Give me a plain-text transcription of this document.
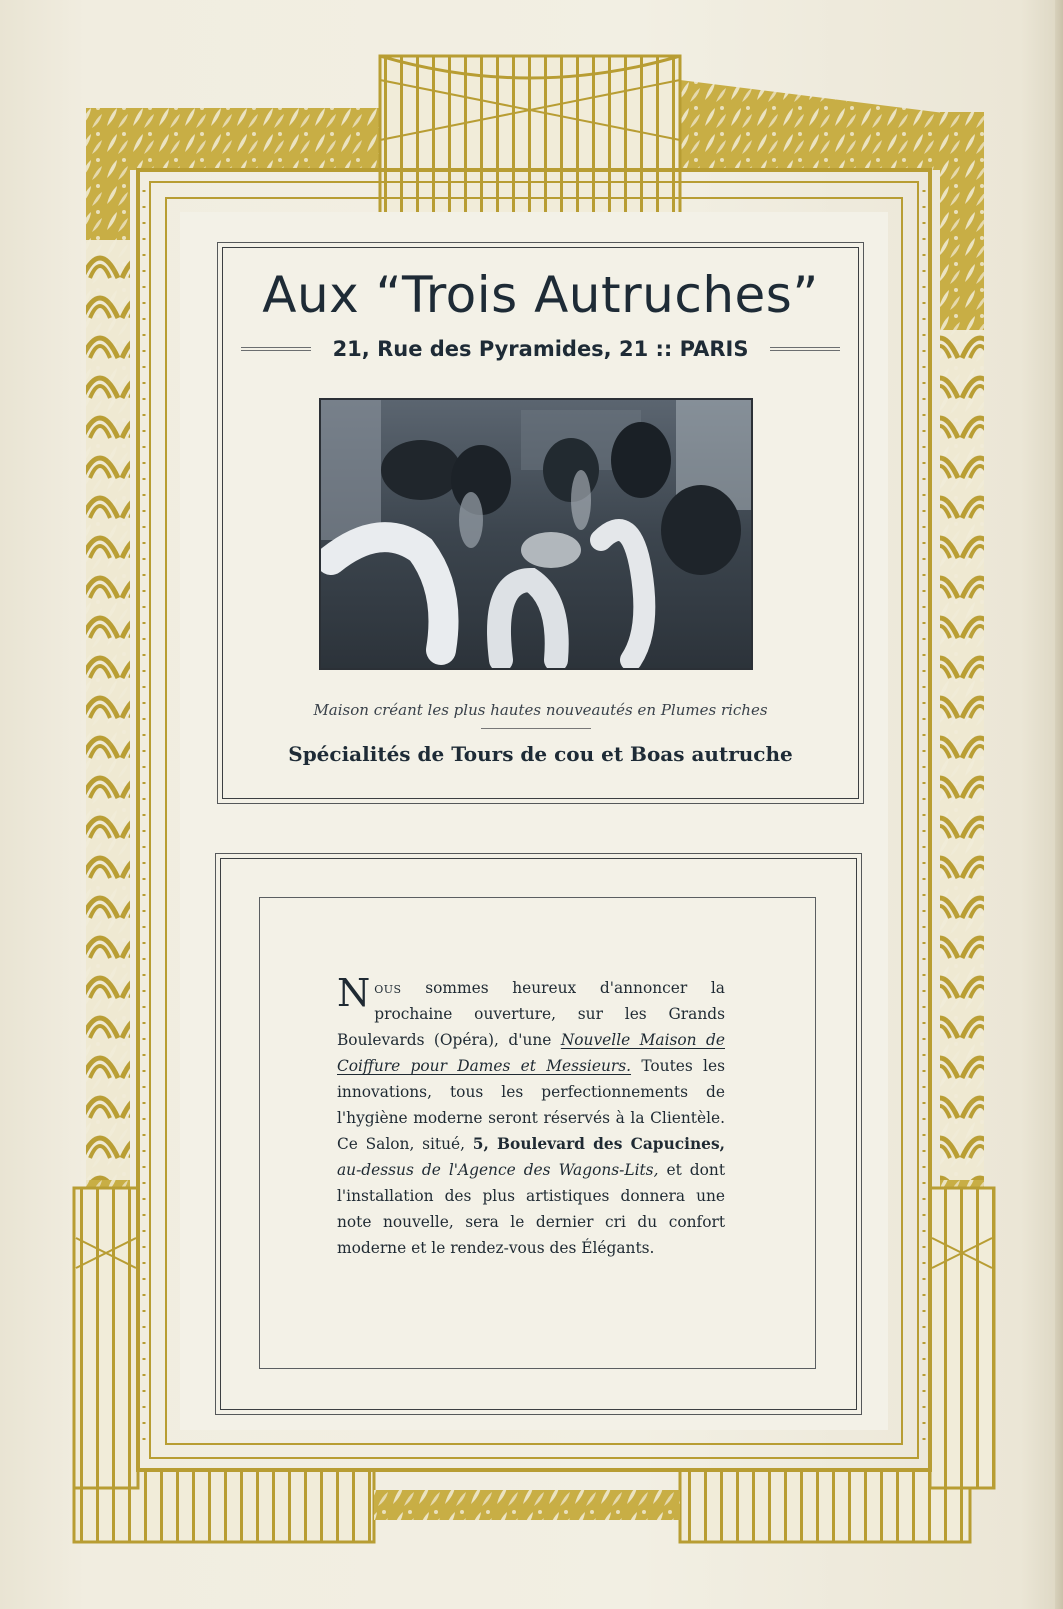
Aux “Trois Autruches”
21, Rue des Pyramides, 21 :: PARIS
Maison créant les plus hautes nouveautés en Plumes riches
Spécialités de Tours de cou et Boas autruche
Nous sommes heureux d'annoncer la prochaine ouverture, sur les Grands Boulevards (Opéra), d'une Nouvelle Maison de Coiffure pour Dames et Messieurs. Toutes les innovations, tous les perfectionnements de l'hygiène moderne seront réservés à la Clientèle. Ce Salon, situé, 5, Boulevard des Capucines, au-dessus de l'Agence des Wagons-Lits, et dont l'installation des plus artistiques donnera une note nouvelle, sera le dernier cri du confort moderne et le rendez-vous des Élégants.
